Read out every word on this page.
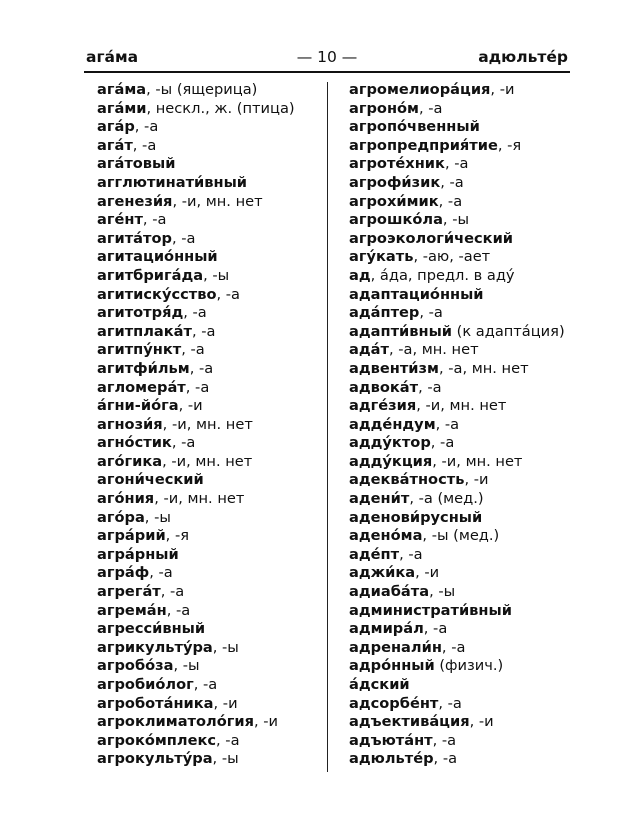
ага́ма	— 10 —	адюльте́р
ага́ма, -ы (ящерица)
ага́ми, нескл., ж. (птица)
ага́р, -а
ага́т, -а
ага́товый
агглютинати́вный
агенези́я, -и, мн. нет
аге́нт, -а
агита́тор, -а
агитацио́нный
агитбрига́да, -ы
агитиску́сство, -а
агитотря́д, -а
агитплака́т, -а
агитпу́нкт, -а
агитфи́льм, -а
агломера́т, -а
а́гни-йо́га, -и
агнози́я, -и, мн. нет
агно́стик, -а
аго́гика, -и, мн. нет
агони́ческий
аго́ния, -и, мн. нет
аго́ра, -ы
агра́рий, -я
агра́рный
агра́ф, -а
агрега́т, -а
агрема́н, -а
агресси́вный
агрикульту́ра, -ы
агробо́за, -ы
агробио́лог, -а
агробота́ника, -и
агроклиматоло́гия, -и
агроко́мплекс, -а
агрокульту́ра, -ы
агромелиора́ция, -и
агроно́м, -а
агропо́чвенный
агропредприя́тие, -я
агроте́хник, -а
агрофи́зик, -а
агрохи́мик, -а
агрошко́ла, -ы
агроэкологи́ческий
агу́кать, -аю, -ает
ад, а́да, предл. в аду́
адаптацио́нный
ада́птер, -а
адапти́вный (к адапта́ция)
ада́т, -а, мн. нет
адвенти́зм, -а, мн. нет
адвока́т, -а
адге́зия, -и, мн. нет
адде́ндум, -а
адду́ктор, -а
адду́кция, -и, мн. нет
адеква́тность, -и
адени́т, -а (мед.)
аденови́русный
адено́ма, -ы (мед.)
аде́пт, -а
аджи́ка, -и
адиаба́та, -ы
администрати́вный
адмира́л, -а
адренали́н, -а
адро́нный (физич.)
а́дский
адсорбе́нт, -а
адъектива́ция, -и
адъюта́нт, -а
адюльте́р, -а
